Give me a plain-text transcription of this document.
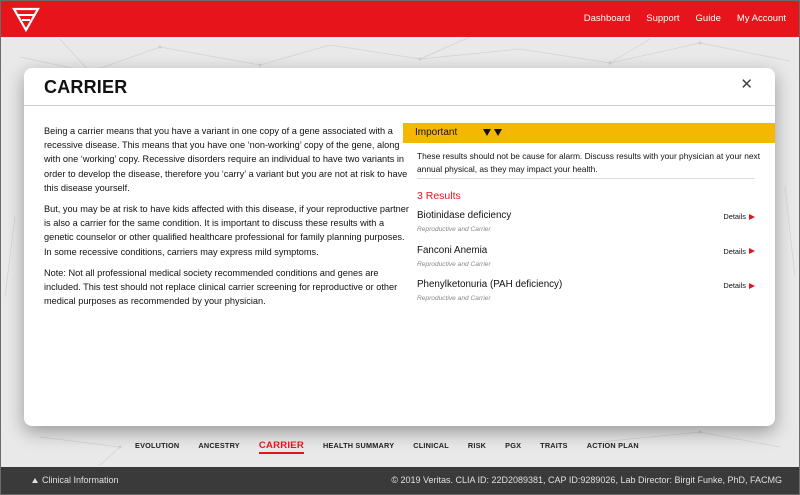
Dashboard Support Guide My Account
CARRIER	✕

Being a carrier means that you have a variant in one copy of a gene associated with a recessive disease. This means that you have one ‘non-working’ copy of the gene, along with one ‘working’ copy. Recessive disorders require an individual to have two variants in order to develop the disease, therefore you ‘carry’ a variant but you are not at risk to have this disease yourself.

But, you may be at risk to have kids affected with this disease, if your reproductive partner is also a carrier for the same condition. It is important to discuss these results with a genetic counselor or other qualified healthcare professional for family planning purposes. In some recessive conditions, carriers may express mild symptoms.

Note: Not all professional medical society recommended conditions and genes are included. This test should not replace clinical carrier screening for reproductive or other medical purposes as recommended by your physician.

Important
These results should not be cause for alarm. Discuss results with your physician at your next annual physical, as they may impact your health.
3 Results
Biotinidase deficiency
Reproductive and Carrier
Details
Fanconi Anemia
Reproductive and Carrier
Details
Phenylketonuria (PAH deficiency)
Reproductive and Carrier
Details
EVOLUTION	ANCESTRY CARRIER	HEALTH SUMMARY	CLINICAL	RISK	PGX	TRAITS	ACTION PLAN
Clinical Information	© 2019 Veritas. CLIA ID: 22D2089381, CAP ID:9289026, Lab Director: Birgit Funke, PhD, FACMG
